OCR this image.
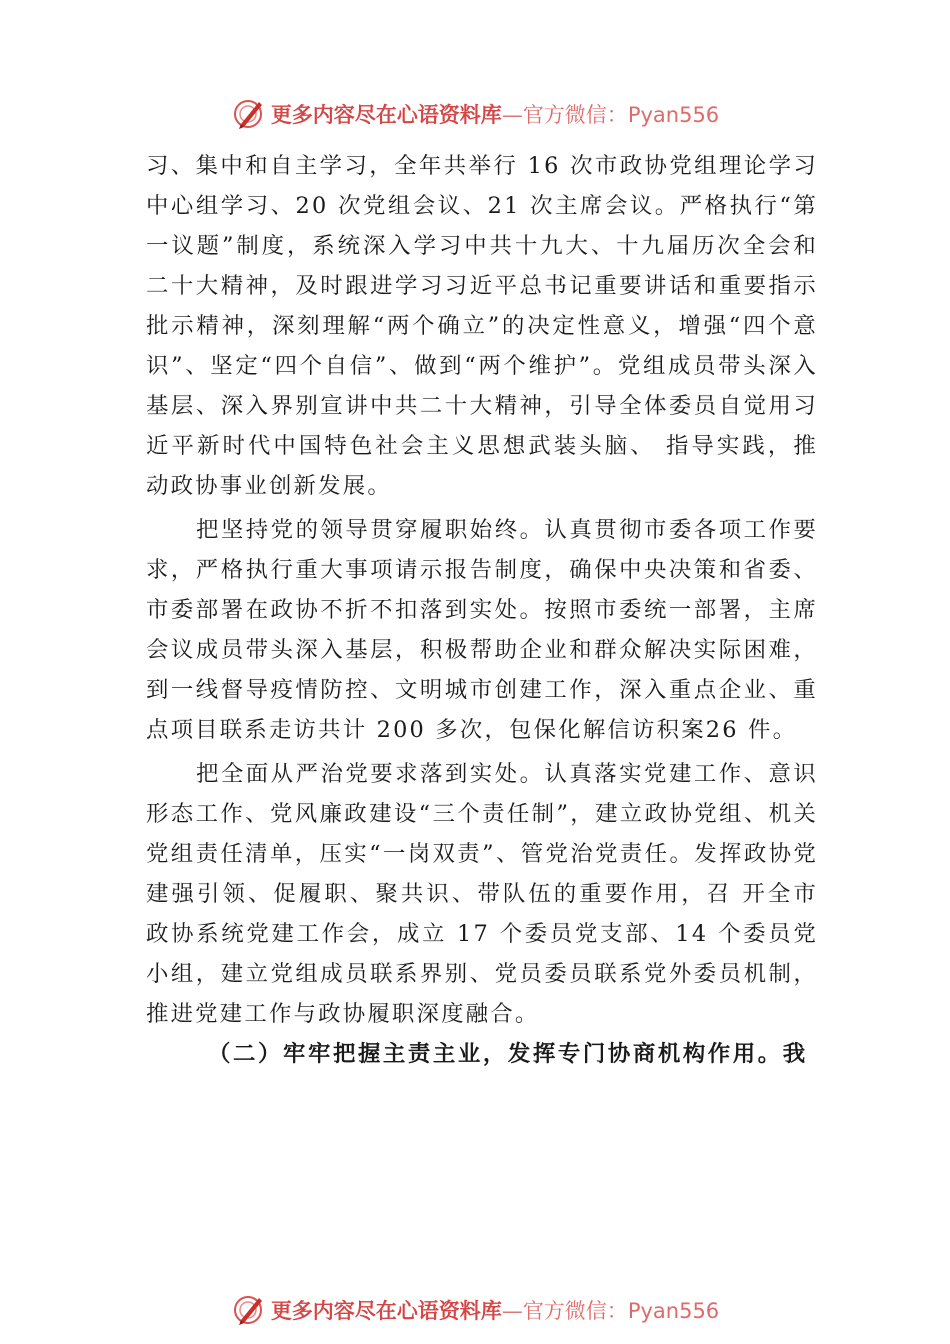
更多内容尽在心语资料库—官方微信：Pyan556

习、集中和自主学习，全年共举行 16 次市政协党组理论学习中心组学习、20 次党组会议、21 次主席会议。严格执行“第一议题”制度，系统深入学习中共十九大、十九届历次全会和二十大精神，及时跟进学习习近平总书记重要讲话和重要指示批示精神，深刻理解“两个确立”的决定性意义，增强“四个意识”、坚定“四个自信”、做到“两个维护”。党组成员带头深入基层、深入界别宣讲中共二十大精神，引导全体委员自觉用习近平新时代中国特色社会主义思想武装头脑、 指导实践，推动政协事业创新发展。

把坚持党的领导贯穿履职始终。认真贯彻市委各项工作要求，严格执行重大事项请示报告制度，确保中央决策和省委、市委部署在政协不折不扣落到实处。按照市委统一部署，主席会议成员带头深入基层，积极帮助企业和群众解决实际困难，到一线督导疫情防控、文明城市创建工作，深入重点企业、重点项目联系走访共计 200 多次，包保化解信访积案26 件。

把全面从严治党要求落到实处。认真落实党建工作、意识形态工作、党风廉政建设“三个责任制”，建立政协党组、机关党组责任清单，压实“一岗双责”、管党治党责任。发挥政协党建强引领、促履职、聚共识、带队伍的重要作用，召 开全市政协系统党建工作会，成立 17 个委员党支部、14 个委员党小组，建立党组成员联系界别、党员委员联系党外委员机制，推进党建工作与政协履职深度融合。

（二）牢牢把握主责主业，发挥专门协商机构作用。我

更多内容尽在心语资料库—官方微信：Pyan556
